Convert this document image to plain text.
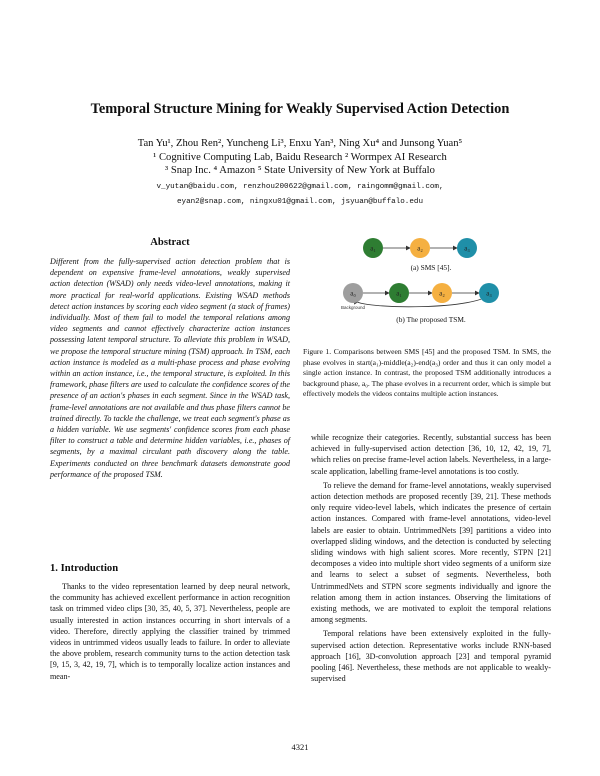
Temporal Structure Mining for Weakly Supervised Action Detection
Tan Yu¹, Zhou Ren², Yuncheng Li³, Enxu Yan³, Ning Xu⁴ and Junsong Yuan⁵
¹ Cognitive Computing Lab, Baidu Research ² Wormpex AI Research
³ Snap Inc. ⁴ Amazon ⁵ State University of New York at Buffalo
v_yutan@baidu.com, renzhou200622@gmail.com, raingomm@gmail.com,
eyan2@snap.com, ningxu01@gmail.com, jsyuan@buffalo.edu
Abstract

Different from the fully-supervised action detection problem that is dependent on expensive frame-level annotations, weakly supervised action detection (WSAD) only needs video-level annotations, making it more practical for real-world applications. Existing WSAD methods detect action instances by scoring each video segment (a stack of frames) individually. Most of them fail to model the temporal relations among video segments and cannot effectively characterize action instances possessing latent temporal structure. To alleviate this problem in WSAD, we propose the temporal structure mining (TSM) approach. In TSM, each action instance is modeled as a multi-phase process and phase evolving within an action instance, i.e., the temporal structure, is exploited. In this framework, phase filters are used to calculate the confidence scores of the presence of an action's phases in each segment. Since in the WSAD task, frame-level annotations are not available and thus phase filters cannot be trained directly. To tackle the challenge, we treat each segment's phase as a hidden variable. We use segments' confidence scores from each phase filter to construct a table and determine hidden variables, i.e., phases of segments, by a maximal circulant path discovery along the table. Experiments conducted on three benchmark datasets demonstrate good performance of the proposed TSM.

1. Introduction

Thanks to the video representation learned by deep neural network, the community has achieved excellent performance in action recognition task on trimmed video clips [30, 35, 40, 5, 37]. Nevertheless, people are usually interested in action instances occurring in short intervals of a video. Therefore, directly applying the classifier trained by trimmed videos in untrimmed videos usually leads to failure. In order to alleviate the above problem, research community turns to the action detection task [9, 15, 3, 42, 19, 7], which is to temporally localize action instances and mean-

a₁	a₂	a₃
(a) SMS [45].
a₀	a₁	a₂	a₃
Background
(b) The proposed TSM.
Figure 1. Comparisons between SMS [45] and the proposed TSM. In SMS, the phase evolves in start(a₁)-middle(a₂)-end(a₃) order and thus it can only model a single action instance. In contrast, the proposed TSM additionally introduces a background phase, a₀. The phase evolves in a recurrent order, which is simple but effectively models the videos contains multiple action instances.

while recognize their categories. Recently, substantial success has been achieved in fully-supervised action detection [36, 10, 12, 42, 19, 7], which relies on precise frame-level action labels. Nevertheless, in a large-scale application, labelling frame-level annotations is too costly.

To relieve the demand for frame-level annotations, weakly supervised action detection methods are proposed recently [39, 21]. These methods only require video-level labels, which indicates the presence of certain action instances. Compared with frame-level annotations, video-level labels are easier to obtain. UntrimmedNets [39] partitions a video into overlapped sliding windows, and the detection is conducted by selecting sliding windows with high salient scores. More recently, STPN [21] decomposes a video into multiple short video segments of a uniform size and learns to select a subset of segments. Nevertheless, both UntrimmedNets and STPN score segments individually and ignore the relation among them in action instances. Observing the limitations of existing methods, we are motivated to exploit the temporal relations among segments.

Temporal relations have been extensively exploited in the fully-supervised action detection. Representative works include RNN-based approach [16], 3D-convolution approach [23] and temporal pyramid pooling [46]. Nevertheless, these methods are not applicable to weakly-supervised

4321
